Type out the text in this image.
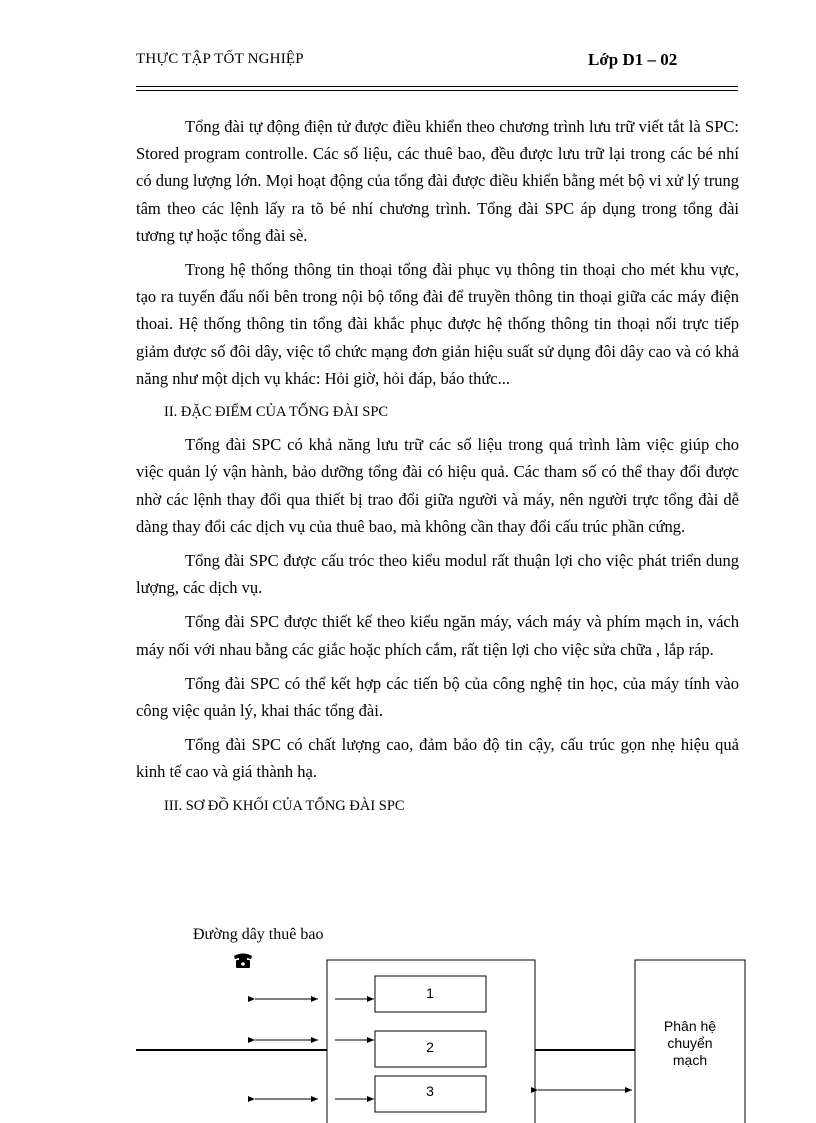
THỰC TẬP TỐT NGHIỆP	Lớp D1 – 02

Tổng đài tự động điện tử được điều khiển theo chương trình lưu trữ viết tắt là SPC: Stored program controlle. Các số liệu, các thuê bao, đều được lưu trữ lại trong các bé nhí có dung lượng lớn. Mọi hoạt động của tổng đài được điều khiển bằng mét bộ vi xử lý trung tâm theo các lệnh lấy ra tõ bé nhí chương trình. Tổng đài SPC áp dụng trong tổng đài tương tự hoặc tổng đài sè.

Trong hệ thống thông tin thoại tổng đài phục vụ thông tin thoại cho mét khu vực, tạo ra tuyến đấu nối bên trong nội bộ tổng đài để truyền thông tin thoại giữa các máy điện thoai. Hệ thống thông tin tổng đài khắc phục được hệ thống thông tin thoại nối trực tiếp giảm được số đôi dây, việc tổ chức mạng đơn giản hiệu suất sử dụng đôi dây cao và có khả năng như một dịch vụ khác: Hỏi giờ, hỏi đáp, báo thức...

II. ĐẶC ĐIỂM CỦA TỔNG ĐÀI SPC

Tổng đài SPC có khả năng lưu trữ các số liệu trong quá trình làm việc giúp cho việc quản lý vận hành, bảo dưỡng tổng đài có hiệu quả. Các tham số có thể thay đổi được nhờ các lệnh thay đổi qua thiết bị trao đổi giữa người và máy, nên người trực tổng đài dễ dàng thay đổi các dịch vụ của thuê bao, mà không cần thay đổi cấu trúc phần cứng.

Tổng đài SPC được cấu tróc theo kiểu modul rất thuận lợi cho việc phát triển dung lượng, các dịch vụ.

Tổng đài SPC được thiết kế theo kiểu ngăn máy, vách máy và phím mạch in, vách máy nối với nhau bằng các giắc hoặc phích cắm, rất tiện lợi cho việc sửa chữa , lắp ráp.

Tổng đài SPC có thể kết hợp các tiến bộ của công nghệ tin học, của máy tính vào công việc quản lý, khai thác tổng đài.

Tổng đài SPC có chất lượng cao, đảm bảo độ tin cậy, cấu trúc gọn nhẹ hiệu quả kinh tế cao và giá thành hạ.

III. SƠ ĐỒ KHỐI CỦA TỔNG ĐÀI SPC
Đường dây thuê bao
1
2
3
Phân hệ
chuyển
mạch
